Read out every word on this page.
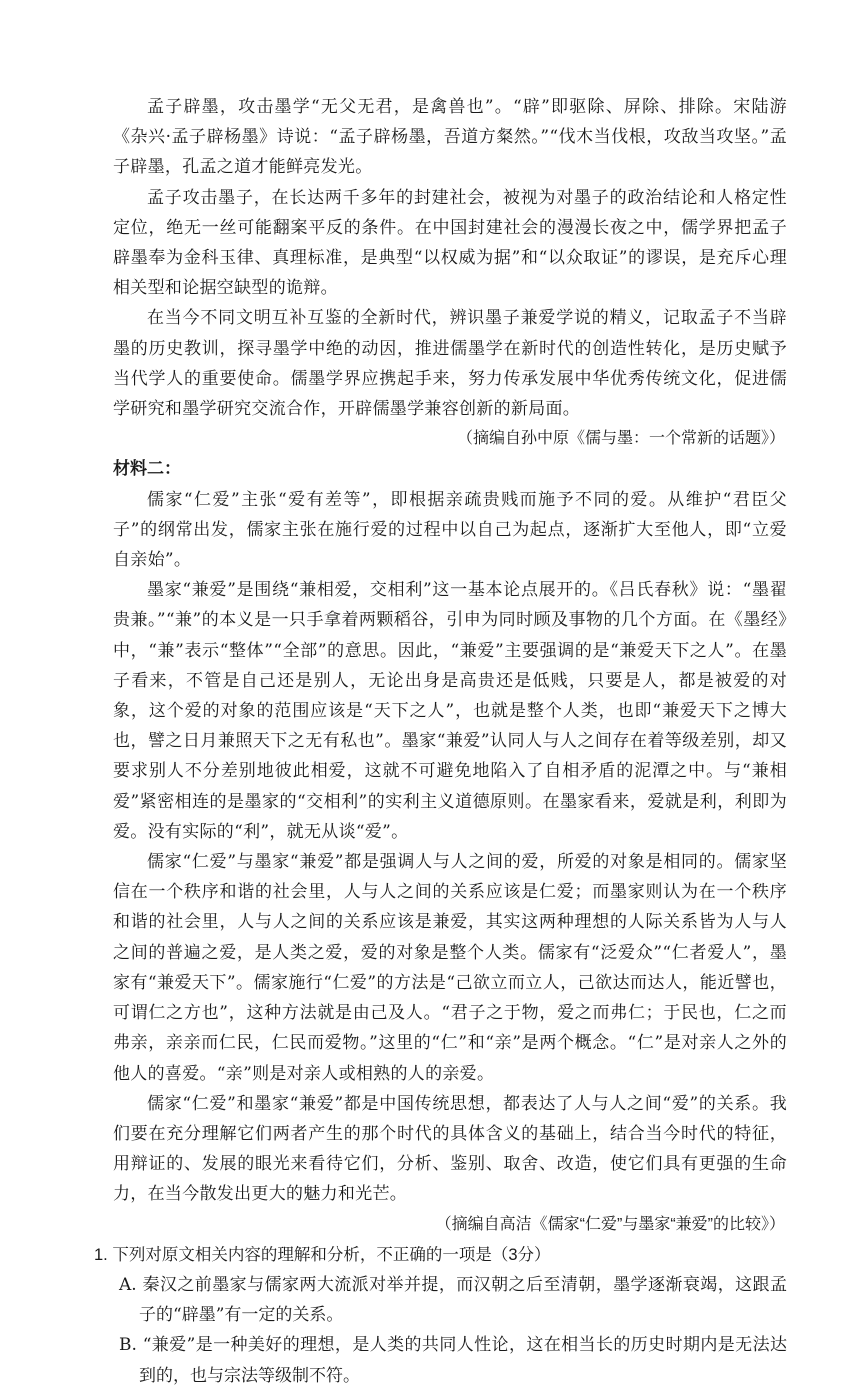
孟子辟墨，攻击墨学“无父无君，是禽兽也”。“辟”即驱除、屏除、排除。宋陆游《杂兴·孟子辟杨墨》诗说：“孟子辟杨墨，吾道方粲然。”“伐木当伐根，攻敌当攻坚。”孟子辟墨，孔孟之道才能鲜亮发光。

孟子攻击墨子，在长达两千多年的封建社会，被视为对墨子的政治结论和人格定性定位，绝无一丝可能翻案平反的条件。在中国封建社会的漫漫长夜之中，儒学界把孟子辟墨奉为金科玉律、真理标准，是典型“以权威为据”和“以众取证”的谬误，是充斥心理相关型和论据空缺型的诡辩。

在当今不同文明互补互鉴的全新时代，辨识墨子兼爱学说的精义，记取孟子不当辟墨的历史教训，探寻墨学中绝的动因，推进儒墨学在新时代的创造性转化，是历史赋予当代学人的重要使命。儒墨学界应携起手来，努力传承发展中华优秀传统文化，促进儒学研究和墨学研究交流合作，开辟儒墨学兼容创新的新局面。

（摘编自孙中原《儒与墨：一个常新的话题》）

材料二：

儒家“仁爱”主张“爱有差等”，即根据亲疏贵贱而施予不同的爱。从维护“君臣父子”的纲常出发，儒家主张在施行爱的过程中以自己为起点，逐渐扩大至他人，即“立爱自亲始”。

墨家“兼爱”是围绕“兼相爱，交相利”这一基本论点展开的。《吕氏春秋》说：“墨翟贵兼。”“兼”的本义是一只手拿着两颗稻谷，引申为同时顾及事物的几个方面。在《墨经》中，“兼”表示“整体”“全部”的意思。因此，“兼爱”主要强调的是“兼爱天下之人”。在墨子看来，不管是自己还是别人，无论出身是高贵还是低贱，只要是人，都是被爱的对象，这个爱的对象的范围应该是“天下之人”，也就是整个人类，也即“兼爱天下之博大也，譬之日月兼照天下之无有私也”。墨家“兼爱”认同人与人之间存在着等级差别，却又要求别人不分差别地彼此相爱，这就不可避免地陷入了自相矛盾的泥潭之中。与“兼相爱”紧密相连的是墨家的“交相利”的实利主义道德原则。在墨家看来，爱就是利，利即为爱。没有实际的“利”，就无从谈“爱”。

儒家“仁爱”与墨家“兼爱”都是强调人与人之间的爱，所爱的对象是相同的。儒家坚信在一个秩序和谐的社会里，人与人之间的关系应该是仁爱；而墨家则认为在一个秩序和谐的社会里，人与人之间的关系应该是兼爱，其实这两种理想的人际关系皆为人与人之间的普遍之爱，是人类之爱，爱的对象是整个人类。儒家有“泛爱众”“仁者爱人”，墨家有“兼爱天下”。儒家施行“仁爱”的方法是“己欲立而立人，己欲达而达人，能近譬也，可谓仁之方也”，这种方法就是由己及人。“君子之于物，爱之而弗仁；于民也，仁之而弗亲，亲亲而仁民，仁民而爱物。”这里的“仁”和“亲”是两个概念。“仁”是对亲人之外的他人的喜爱。“亲”则是对亲人或相熟的人的亲爱。

儒家“仁爱”和墨家“兼爱”都是中国传统思想，都表达了人与人之间“爱”的关系。我们要在充分理解它们两者产生的那个时代的具体含义的基础上，结合当今时代的特征，用辩证的、发展的眼光来看待它们，分析、鉴别、取舍、改造，使它们具有更强的生命力，在当今散发出更大的魅力和光芒。

（摘编自高洁《儒家“仁爱”与墨家“兼爱”的比较》）

1. 下列对原文相关内容的理解和分析，不正确的一项是（3分）

A. 秦汉之前墨家与儒家两大流派对举并提，而汉朝之后至清朝，墨学逐渐衰竭，这跟孟子的“辟墨”有一定的关系。

B. “兼爱”是一种美好的理想，是人类的共同人性论，这在相当长的历史时期内是无法达到的，也与宗法等级制不符。
